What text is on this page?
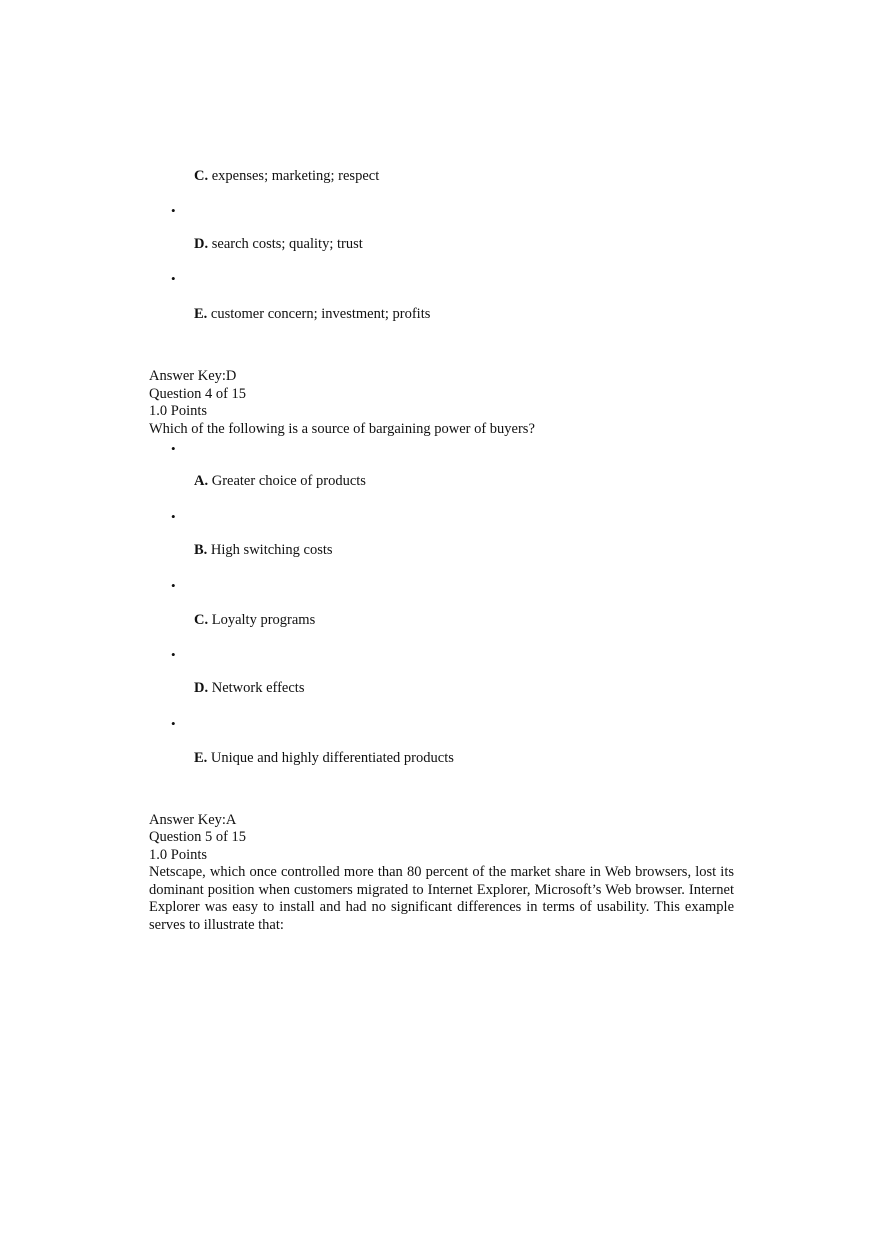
C. expenses; marketing; respect
•
D. search costs; quality; trust
•
E. customer concern; investment; profits
Answer Key:D
Question 4 of 15
1.0 Points
Which of the following is a source of bargaining power of buyers?
•
A. Greater choice of products
•
B. High switching costs
•
C. Loyalty programs
•
D. Network effects
•
E. Unique and highly differentiated products
Answer Key:A
Question 5 of 15
1.0 Points
Netscape, which once controlled more than 80 percent of the market share in Web browsers, lost its dominant position when customers migrated to Internet Explorer, Microsoft’s Web browser. Internet Explorer was easy to install and had no significant differences in terms of usability. This example serves to illustrate that:
